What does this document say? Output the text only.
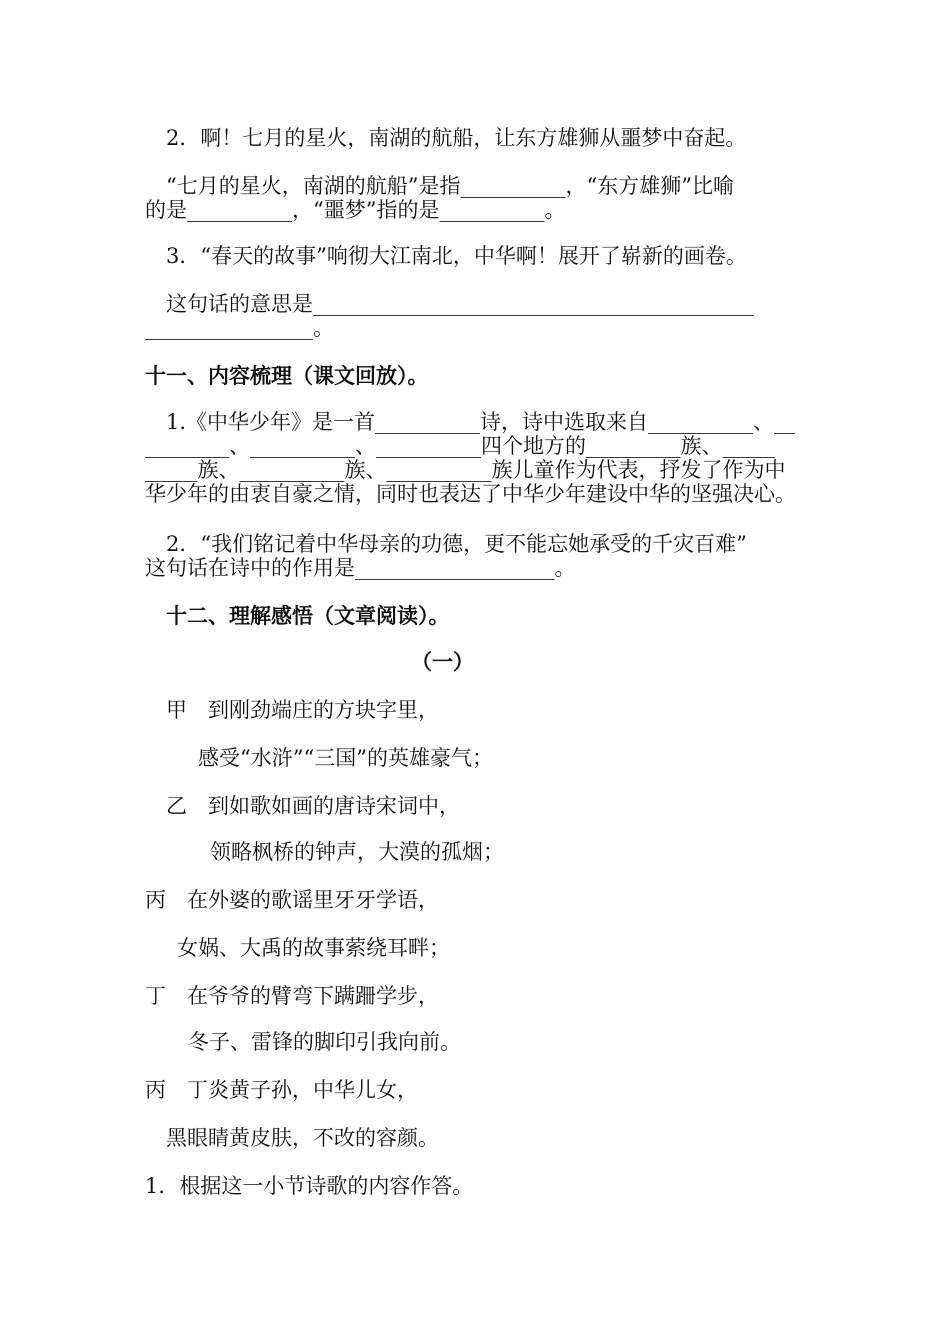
2．啊！七月的星火，南湖的航船，让东方雄狮从噩梦中奋起。
“七月的星火，南湖的航船”是指__________，“东方雄狮”比喻
的是__________，“噩梦”指的是__________。
3．“春天的故事”响彻大江南北，中华啊！展开了崭新的画卷。
这句话的意思是__________________________________________
________________。
十一、内容梳理（课文回放）。
1.《中华少年》是一首__________诗，诗中选取来自__________、__
________、__________、__________四个地方的_________族、_____
_____族、__________族、__________族儿童作为代表，抒发了作为中
华少年的由衷自豪之情，同时也表达了中华少年建设中华的坚强决心。
2．“我们铭记着中华母亲的功德，更不能忘她承受的千灾百难”
这句话在诗中的作用是___________________。
十二、理解感悟（文章阅读）。
（一）
甲　到刚劲端庄的方块字里，
感受“水浒”“三国”的英雄豪气；
乙　到如歌如画的唐诗宋词中，
领略枫桥的钟声，大漠的孤烟；
丙　在外婆的歌谣里牙牙学语，
女娲、大禹的故事萦绕耳畔；
丁　在爷爷的臂弯下蹒跚学步，
冬子、雷锋的脚印引我向前。
丙　丁炎黄子孙，中华儿女，
黑眼睛黄皮肤，不改的容颜。
1．根据这一小节诗歌的内容作答。
